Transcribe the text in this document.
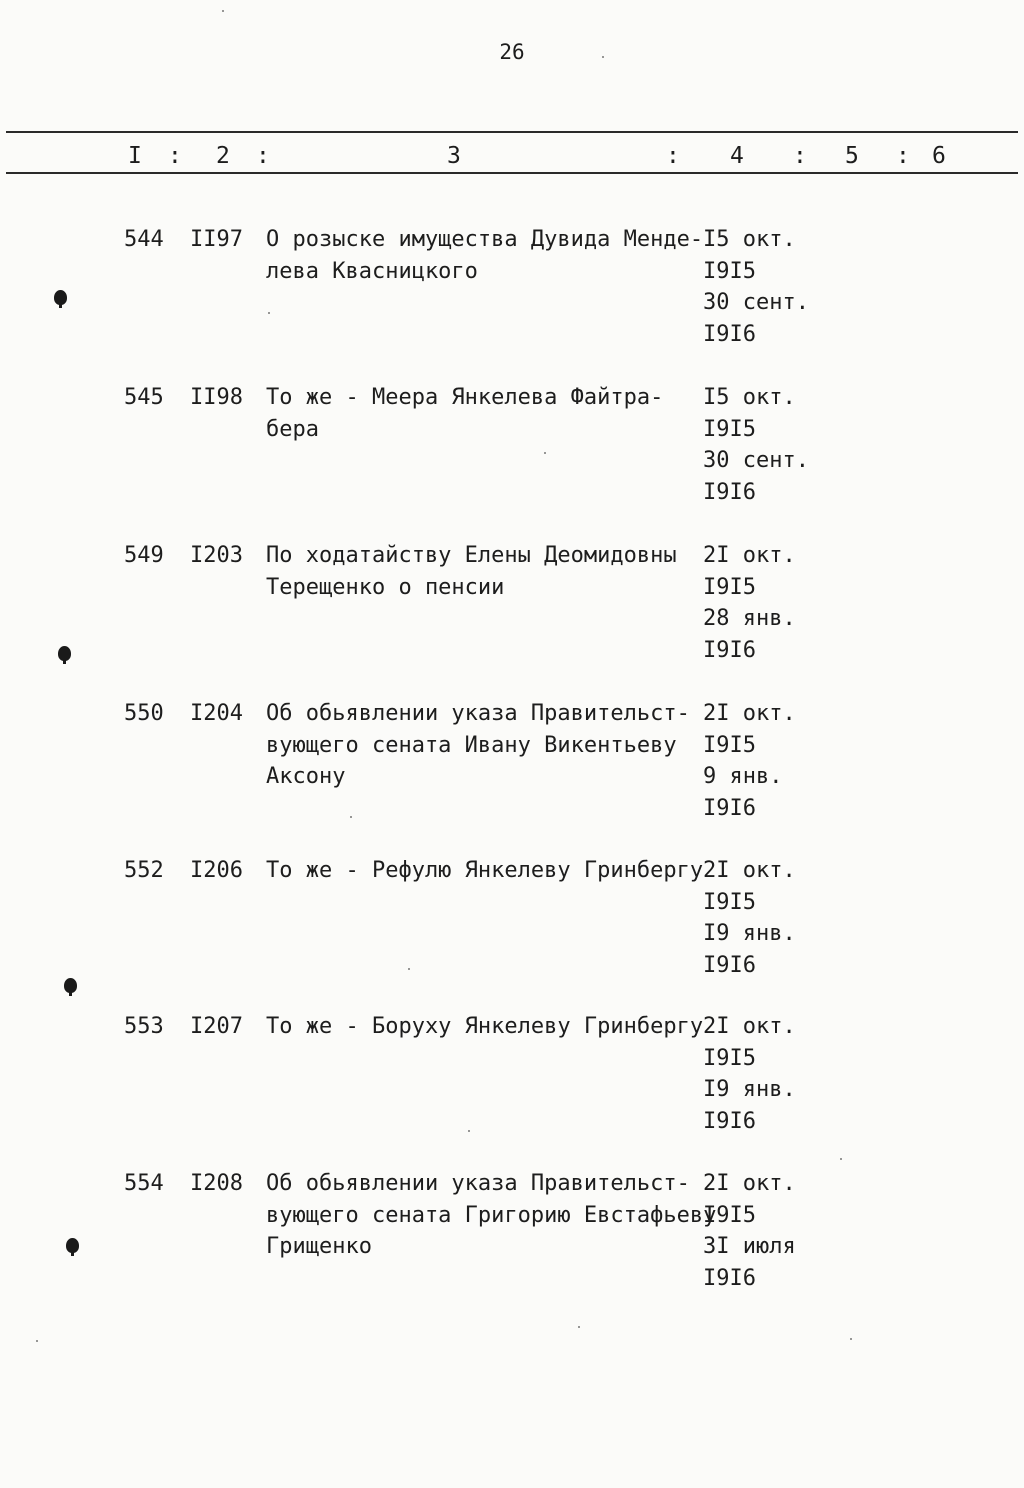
26
I : 2 :	3	: 4 : 5 : 6
544 II97 О розыске имущества Дувида Менде-
лева Квасницкого
I5 окт.
I9I5
30 сент.
I9I6
545 II98 То же - Меера Янкелева Файтра-
бера
I5 окт.
I9I5
30 сент.
I9I6
549 I203 По ходатайству Елены Деомидовны
Терещенко о пенсии
2I окт.
I9I5
28 янв.
I9I6
550 I204 Об обьявлении указа Правительст-
вующего сената Ивану Викентьеву
Аксону
2I окт.
I9I5
9 янв.
I9I6
552 I206 То же - Рефулю Янкелеву Гринбергу 2I окт.
I9I5
I9 янв.
I9I6
553 I207 То же - Боруху Янкелеву Гринбергу 2I окт.
I9I5
I9 янв.
I9I6
554 I208 Об обьявлении указа Правительст-
вующего сената Григорию Евстафьеву
Грищенко
2I окт.
I9I5
3I июля
I9I6
